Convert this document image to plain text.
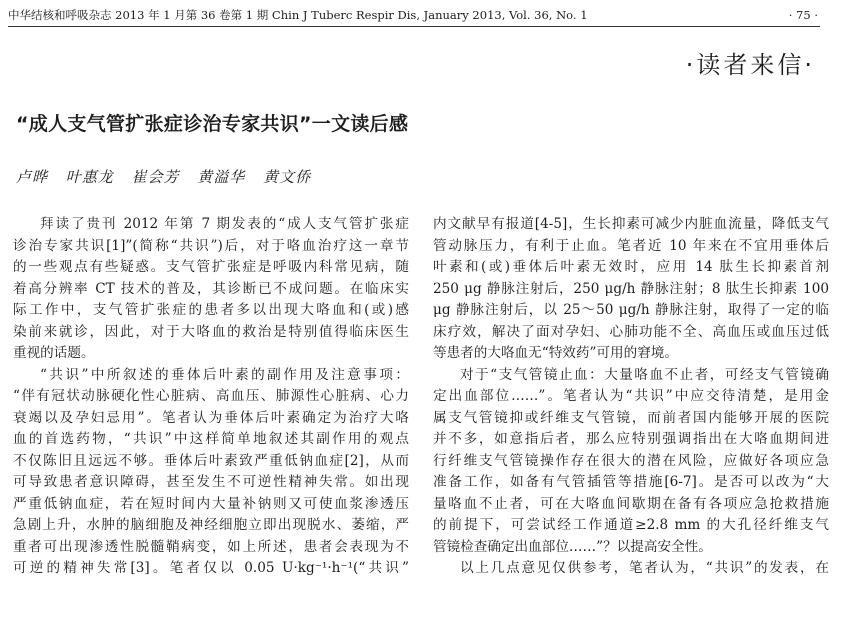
中华结核和呼吸杂志 2013 年 1 月第 36 卷第 1 期 Chin J Tuberc Respir Dis, January 2013, Vol. 36, No. 1	· 75 ·
·读者来信·
“成人支气管扩张症诊治专家共识”一文读后感
卢晔 叶惠龙 崔会芳 黄溢华 黄文侨
拜读了贵刊 2012 年第 7 期发表的“成人支气管扩张症
诊治专家共识[1]”(简称“共识”)后，对于咯血治疗这一章节
的一些观点有些疑惑。支气管扩张症是呼吸内科常见病，随
着高分辨率 CT 技术的普及，其诊断已不成问题。在临床实
际工作中，支气管扩张症的患者多以出现大咯血和(或)感
染前来就诊，因此，对于大咯血的救治是特别值得临床医生
重视的话题。
“共识”中所叙述的垂体后叶素的副作用及注意事项：
“伴有冠状动脉硬化性心脏病、高血压、肺源性心脏病、心力
衰竭以及孕妇忌用”。笔者认为垂体后叶素确定为治疗大咯
血的首选药物，“共识”中这样简单地叙述其副作用的观点
不仅陈旧且远远不够。垂体后叶素致严重低钠血症[2]，从而
可导致患者意识障碍，甚至发生不可逆性精神失常。如出现
严重低钠血症，若在短时间内大量补钠则又可使血浆渗透压
急剧上升，水肿的脑细胞及神经细胞立即出现脱水、萎缩，严
重者可出现渗透性脱髓鞘病变，如上所述，患者会表现为不
可逆的精神失常[3]。笔者仅以 0.05 U·kg⁻¹·h⁻¹(“共识”
内文献早有报道[4-5]，生长抑素可减少内脏血流量，降低支气
管动脉压力，有利于止血。笔者近 10 年来在不宜用垂体后
叶素和(或)垂体后叶素无效时，应用 14 肽生长抑素首剂
250 μg 静脉注射后，250 μg/h 静脉注射；8 肽生长抑素 100
μg 静脉注射后，以 25～50 μg/h 静脉注射，取得了一定的临
床疗效，解决了面对孕妇、心肺功能不全、高血压或血压过低
等患者的大咯血无“特效药”可用的窘境。
对于“支气管镜止血：大量咯血不止者，可经支气管镜确
定出血部位……”。笔者认为“共识”中应交待清楚，是用金
属支气管镜抑或纤维支气管镜，而前者国内能够开展的医院
并不多，如意指后者，那么应特别强调指出在大咯血期间进
行纤维支气管镜操作存在很大的潜在风险，应做好各项应急
准备工作，如备有气管插管等措施[6-7]。是否可以改为“大
量咯血不止者，可在大咯血间歇期在备有各项应急抢救措施
的前提下，可尝试经工作通道≥2.8 mm 的大孔径纤维支气
管镜检查确定出血部位……”？以提高安全性。
以上几点意见仅供参考，笔者认为，“共识”的发表，在
